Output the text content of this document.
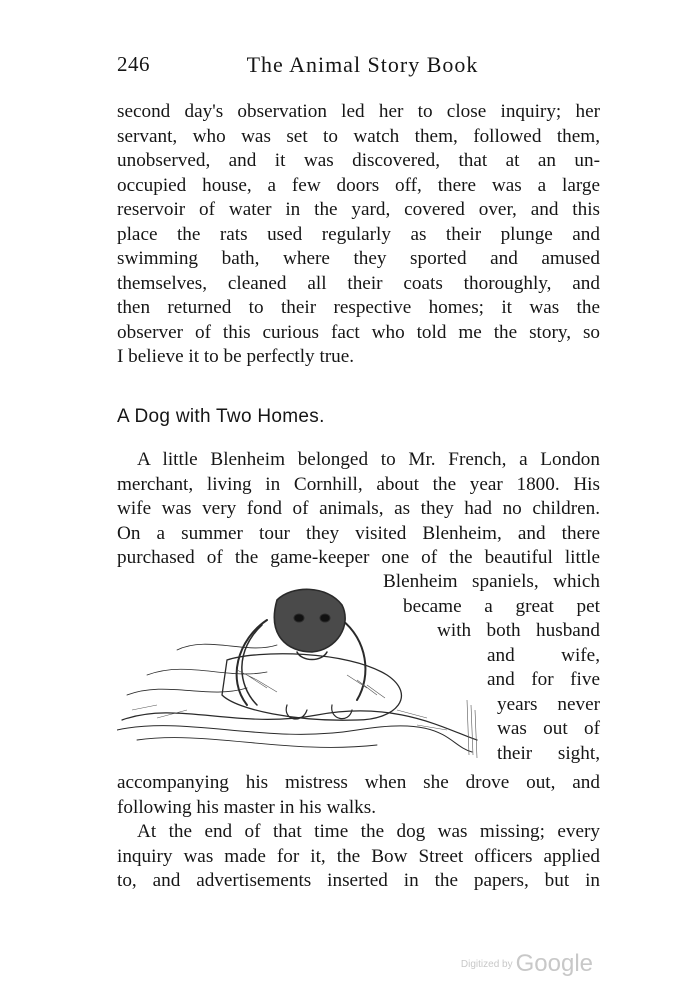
246	The Animal Story Book
second day's observation led her to close inquiry; her
servant, who was set to watch them, followed them,
unobserved, and it was discovered, that at an un-
occupied house, a few doors off, there was a large
reservoir of water in the yard, covered over, and this
place the rats used regularly as their plunge and
swimming bath, where they sported and amused
themselves, cleaned all their coats thoroughly, and
then returned to their respective homes; it was the
observer of this curious fact who told me the story, so
I believe it to be perfectly true.
A Dog with Two Homes.
A little Blenheim belonged to Mr. French, a London
merchant, living in Cornhill, about the year 1800. His
wife was very fond of animals, as they had no children.
On a summer tour they visited Blenheim, and there
purchased of the game-keeper one of the beautiful little
Blenheim spaniels, which
became a great pet
with both husband
and wife,
and for five
years never
was out of
their sight,
accompanying his mistress when she drove out, and
following his master in his walks.
At the end of that time the dog was missing; every
inquiry was made for it, the Bow Street officers applied
to, and advertisements inserted in the papers, but in
Digitized by Google
